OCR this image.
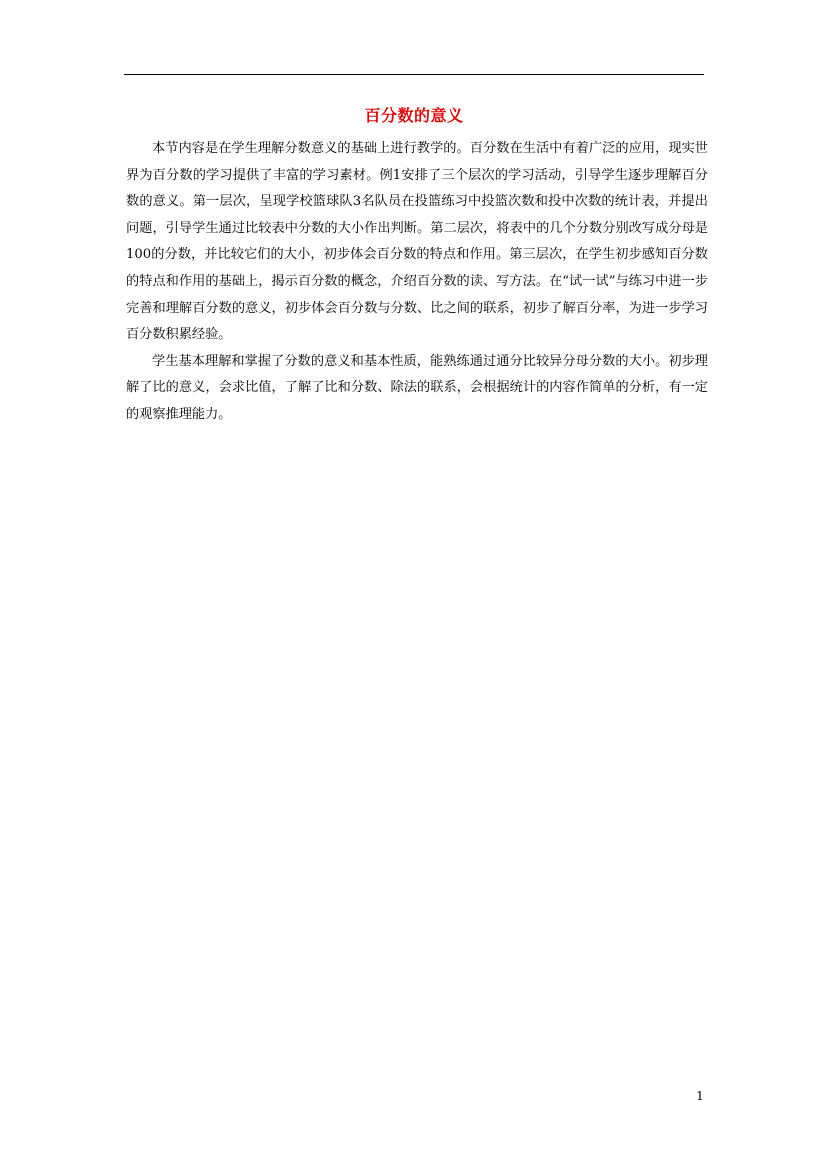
百分数的意义

本节内容是在学生理解分数意义的基础上进行教学的。百分数在生活中有着广泛的应用，现实世界为百分数的学习提供了丰富的学习素材。例1安排了三个层次的学习活动，引导学生逐步理解百分数的意义。第一层次，呈现学校篮球队3名队员在投篮练习中投篮次数和投中次数的统计表，并提出问题，引导学生通过比较表中分数的大小作出判断。第二层次，将表中的几个分数分别改写成分母是100的分数，并比较它们的大小，初步体会百分数的特点和作用。第三层次，在学生初步感知百分数的特点和作用的基础上，揭示百分数的概念，介绍百分数的读、写方法。在“试一试”与练习中进一步完善和理解百分数的意义，初步体会百分数与分数、比之间的联系，初步了解百分率，为进一步学习百分数积累经验。

学生基本理解和掌握了分数的意义和基本性质，能熟练通过通分比较异分母分数的大小。初步理解了比的意义，会求比值，了解了比和分数、除法的联系，会根据统计的内容作简单的分析，有一定的观察推理能力。

1
